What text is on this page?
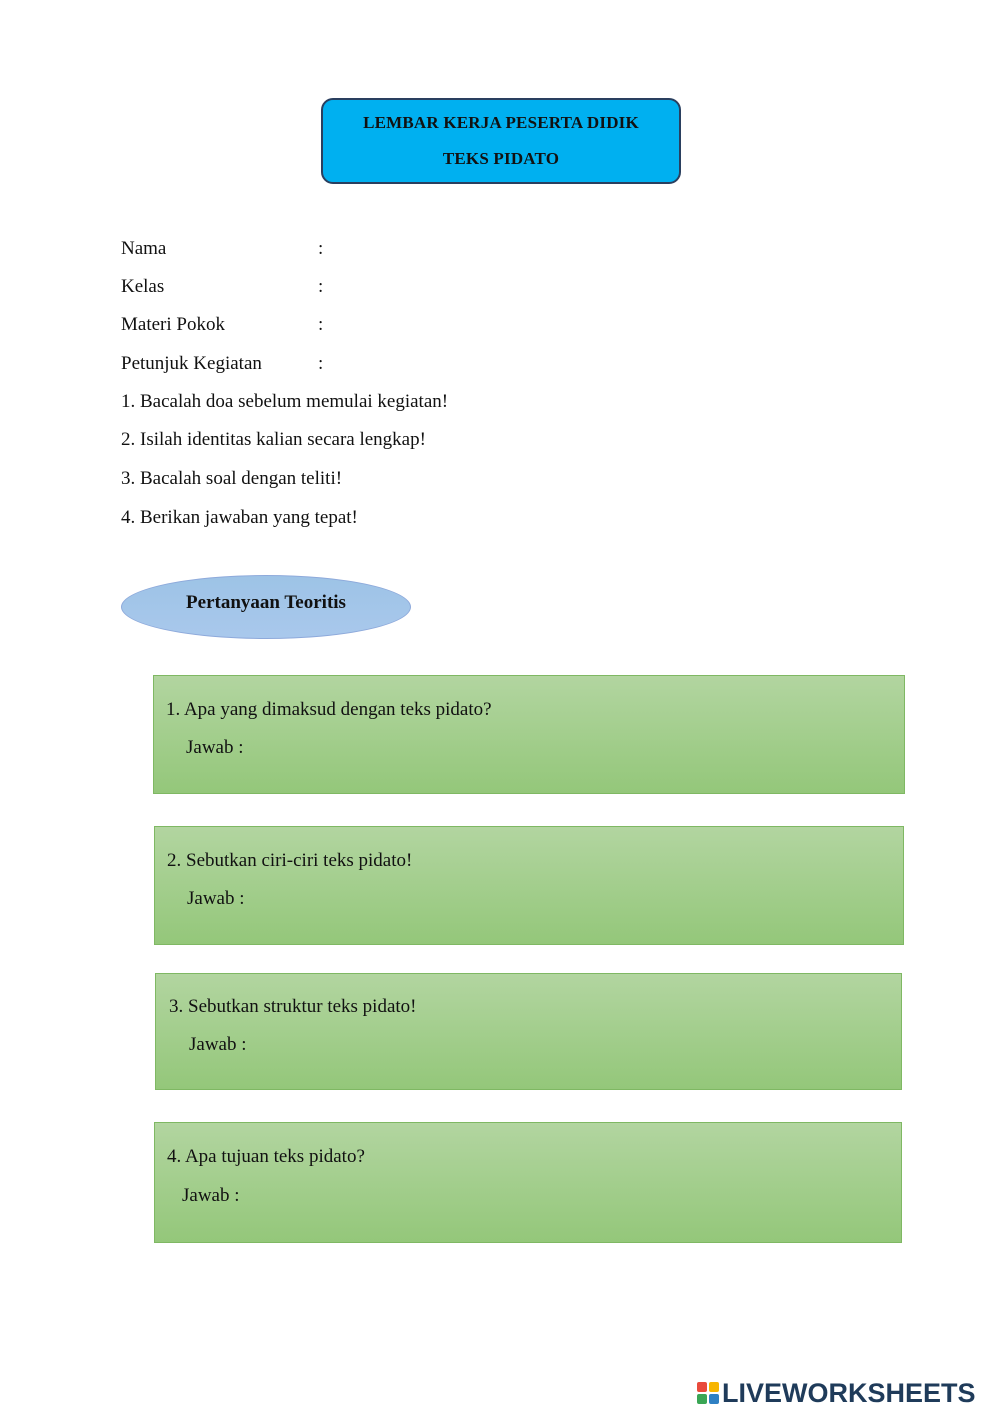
LEMBAR KERJA PESERTA DIDIK
TEKS PIDATO
Nama	:
Kelas	:
Materi Pokok	:
Petunjuk Kegiatan	:
1. Bacalah doa sebelum memulai kegiatan!
2. Isilah identitas kalian secara lengkap!
3. Bacalah soal dengan teliti!
4. Berikan jawaban yang tepat!
Pertanyaan Teoritis
1. Apa yang dimaksud dengan teks pidato?
Jawab :
2. Sebutkan ciri-ciri teks pidato!
Jawab :
3. Sebutkan struktur teks pidato!
Jawab :
4. Apa tujuan teks pidato?
Jawab :
LIVEWORKSHEETS
